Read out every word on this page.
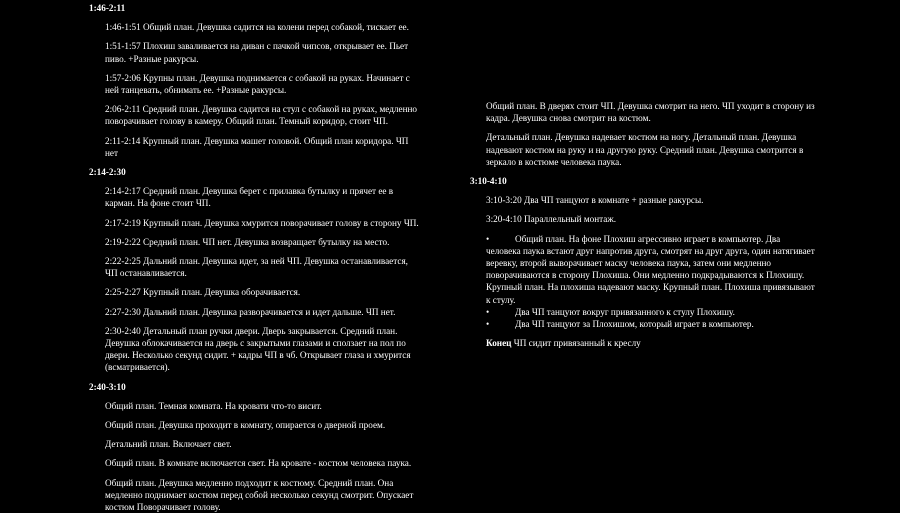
1:46-2:11

1:46-1:51 Общий план. Девушка садится на колени перед собакой, тискает ее.

1:51-1:57 Плохиш заваливается на диван с пачкой чипсов, открывает ее. Пьет пиво. +Разные ракурсы.

1:57-2:06 Крупны план. Девушка поднимается с собакой на руках. Начинает с ней танцевать, обнимать ее. +Разные ракурсы.

2:06-2:11 Средний план. Девушка садится на стул с собакой на руках, медленно поворачивает голову в камеру. Общий план. Темный коридор, стоит ЧП.

2:11-2:14 Крупный план. Девушка машет головой. Общий план коридора. ЧП нет

2:14-2:30

2:14-2:17 Средний план. Девушка берет с прилавка бутылку и прячет ее в карман. На фоне стоит ЧП.

2:17-2:19 Крупный план. Девушка хмурится поворачивает голову в сторону ЧП.

2:19-2:22 Средний план. ЧП нет. Девушка возвращает бутылку на место.

2:22-2:25 Дальний план. Девушка идет, за ней ЧП. Девушка останавливается, ЧП останавливается.

2:25-2:27 Крупный план. Девушка оборачивается.

2:27-2:30 Дальний план. Девушка разворачивается и идет дальше. ЧП нет.

2:30-2:40 Детальный план ручки двери. Дверь закрывается. Средний план. Девушка облокачивается на дверь с закрытыми глазами и сползает на пол по двери. Несколько секунд сидит. + кадры ЧП в чб. Открывает глаза и хмурится (всматривается).

2:40-3:10

Общий план. Темная комната. На кровати что-то висит.

Общий план. Девушка проходит в комнату, опирается о дверной проем.

Детальний план. Включает свет.

Общий план. В комнате включается свет. На кровате - костюм человека паука.

Общий план. Девушка медленно подходит к костюму. Средний план. Она медленно поднимает костюм перед собой несколько секунд смотрит. Опускает костюм Поворачивает голову.

Общий план. В дверях стоит ЧП. Девушка смотрит на него. ЧП уходит в сторону из кадра. Девушка снова смотрит на костюм.

Детальный план. Девушка надевает костюм на ногу. Детальный план. Девушка надевают костюм на руку и на другую руку. Средний план. Девушка смотрится в зеркало в костюме человека паука.

3:10-4:10

3:10-3:20 Два ЧП танцуют в комнате + разные ракурсы.

3:20-4:10 Параллельный монтаж.

•	Общий план. На фоне Плохиш агрессивно играет в компьютер. Два человека паука встают друг напротив друга, смотрят на друг друга, один натягивает веревку, второй выворачивает маску человека паука, затем они медленно поворачиваются в сторону Плохиша. Они медленно подкрадываются к Плохишу. Крупный план. На плохиша надевают маску. Крупный план. Плохиша привязывают к стулу.

•	Два ЧП танцуют вокруг привязанного к стулу Плохишу.

•	Два ЧП танцуют за Плохишом, который играет в компьютер.

Конец ЧП сидит привязанный к креслу
